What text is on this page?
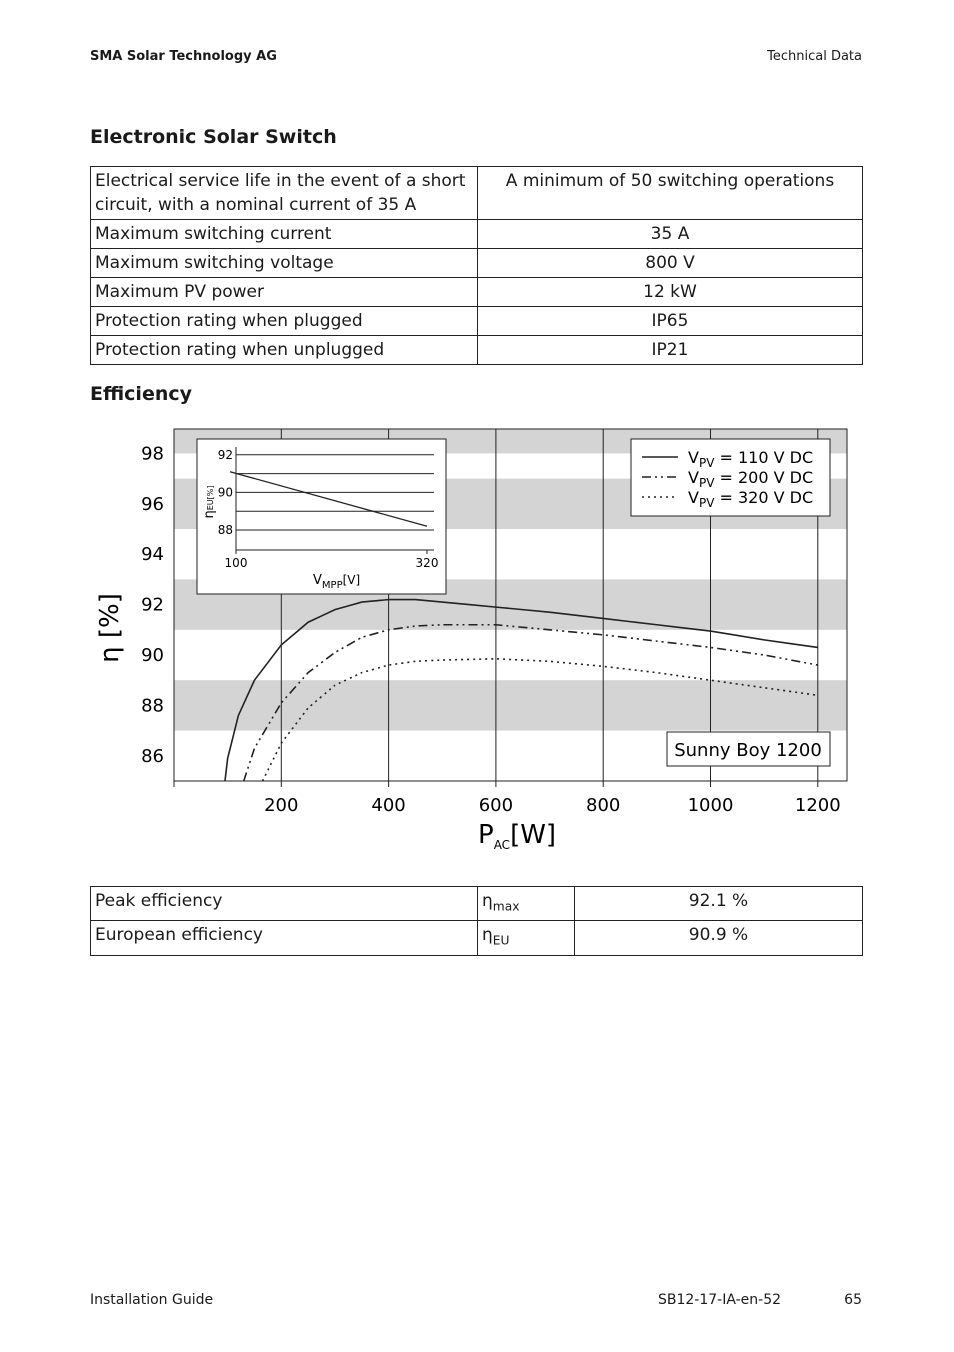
SMA Solar Technology AG	Technical Data
Electronic Solar Switch
Electrical service life in the event of a short circuit, with a nominal current of 35 A	A minimum of 50 switching operations
Maximum switching current	35 A
Maximum switching voltage	800 V
Maximum PV power	12 kW
Protection rating when plugged	IP65
Protection rating when unplugged	IP21
Efficiency
86
88
90
92
94
96
98
200	400	600	800	1000	1200
η [%]
$P_{AC}[W]$
88
90
92
100	320
ηEU[%]
$V_{MPP}[V]$
$V_{PV} = 110$ V DC
$V_{PV} = 200$ V DC
$V_{PV} = 320$ V DC
Sunny Boy 1200
Peak efficiency	$\eta_{max}$	92.1 %
European efficiency	$\eta_{EU}$	90.9 %
Installation Guide	SB12-17-IA-en-52	65
